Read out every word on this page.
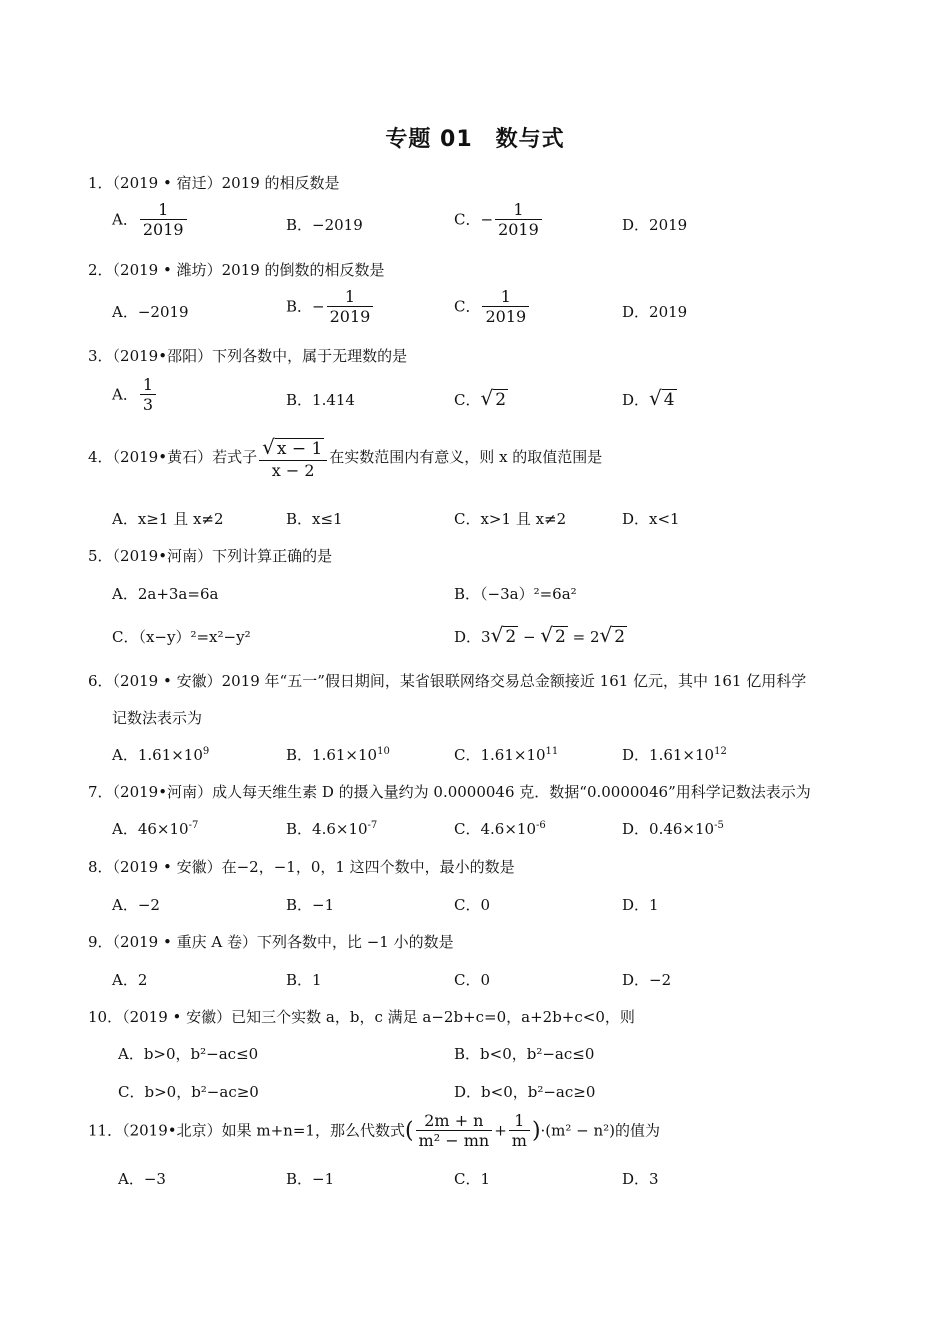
专题 01　数与式
1．（2019 • 宿迁）2019 的相反数是
A． $\frac{1}{2019}$	B．−2019	C．− $\frac{1}{2019}$	D．2019
2．（2019 • 潍坊）2019 的倒数的相反数是
A．−2019	B．− $\frac{1}{2019}$	C． $\frac{1}{2019}$	D．2019
3．（2019•邵阳）下列各数中，属于无理数的是
A． $\frac{1}{3}$	B．1.414	C．√ 2	D．√ 4
4．（2019•黄石）若式子 $\frac{√ x - 1}{x - 2}$ 在实数范围内有意义，则 x 的取值范围是
A．x≥1 且 x≠2	B．x≤1	C．x>1 且 x≠2	D．x<1
5．（2019•河南）下列计算正确的是
A．2a+3a=6a	B．（−3a）²=6a²
C．（x−y）²=x²−y²	D．3√ 2 − √ 2 = 2√ 2
6．（2019 • 安徽）2019 年“五一”假日期间，某省银联网络交易总金额接近 161 亿元，其中 161 亿用科学
记数法表示为
A．$1.61\times 10^9$	B．$1.61\times 10^{10}$	C．$1.61\times 10^{11}$	D．$1.61\times 10^{12}$
7．（2019•河南）成人每天维生素 D 的摄入量约为 0.0000046 克．数据“0.0000046”用科学记数法表示为
A．$46\times 10^{-7}$	B．$4.6\times 10^{-7}$	C．$4.6\times 10^{-6}$	D．$0.46\times 10^{-5}$
8．（2019 • 安徽）在−2，−1，0，1 这四个数中，最小的数是
A．−2	B．−1	C．0	D．1
9．（2019 • 重庆 A 卷）下列各数中，比 −1 小的数是
A．2	B．1	C．0	D．−2
10．（2019 • 安徽）已知三个实数 a，b，c 满足 a−2b+c=0，a+2b+c<0，则
A．b>0，b²−ac≤0	B．b<0，b²−ac≤0
C．b>0，b²−ac≥0	D．b<0，b²−ac≥0
11．（2019•北京）如果 m+n=1，那么代数式( $\frac{2m + n}{\text{m² − mn}} + \frac{1}{m} )\cdot(m^2 - n^2)$的值为
A．−3	B．−1	C．1	D．3
